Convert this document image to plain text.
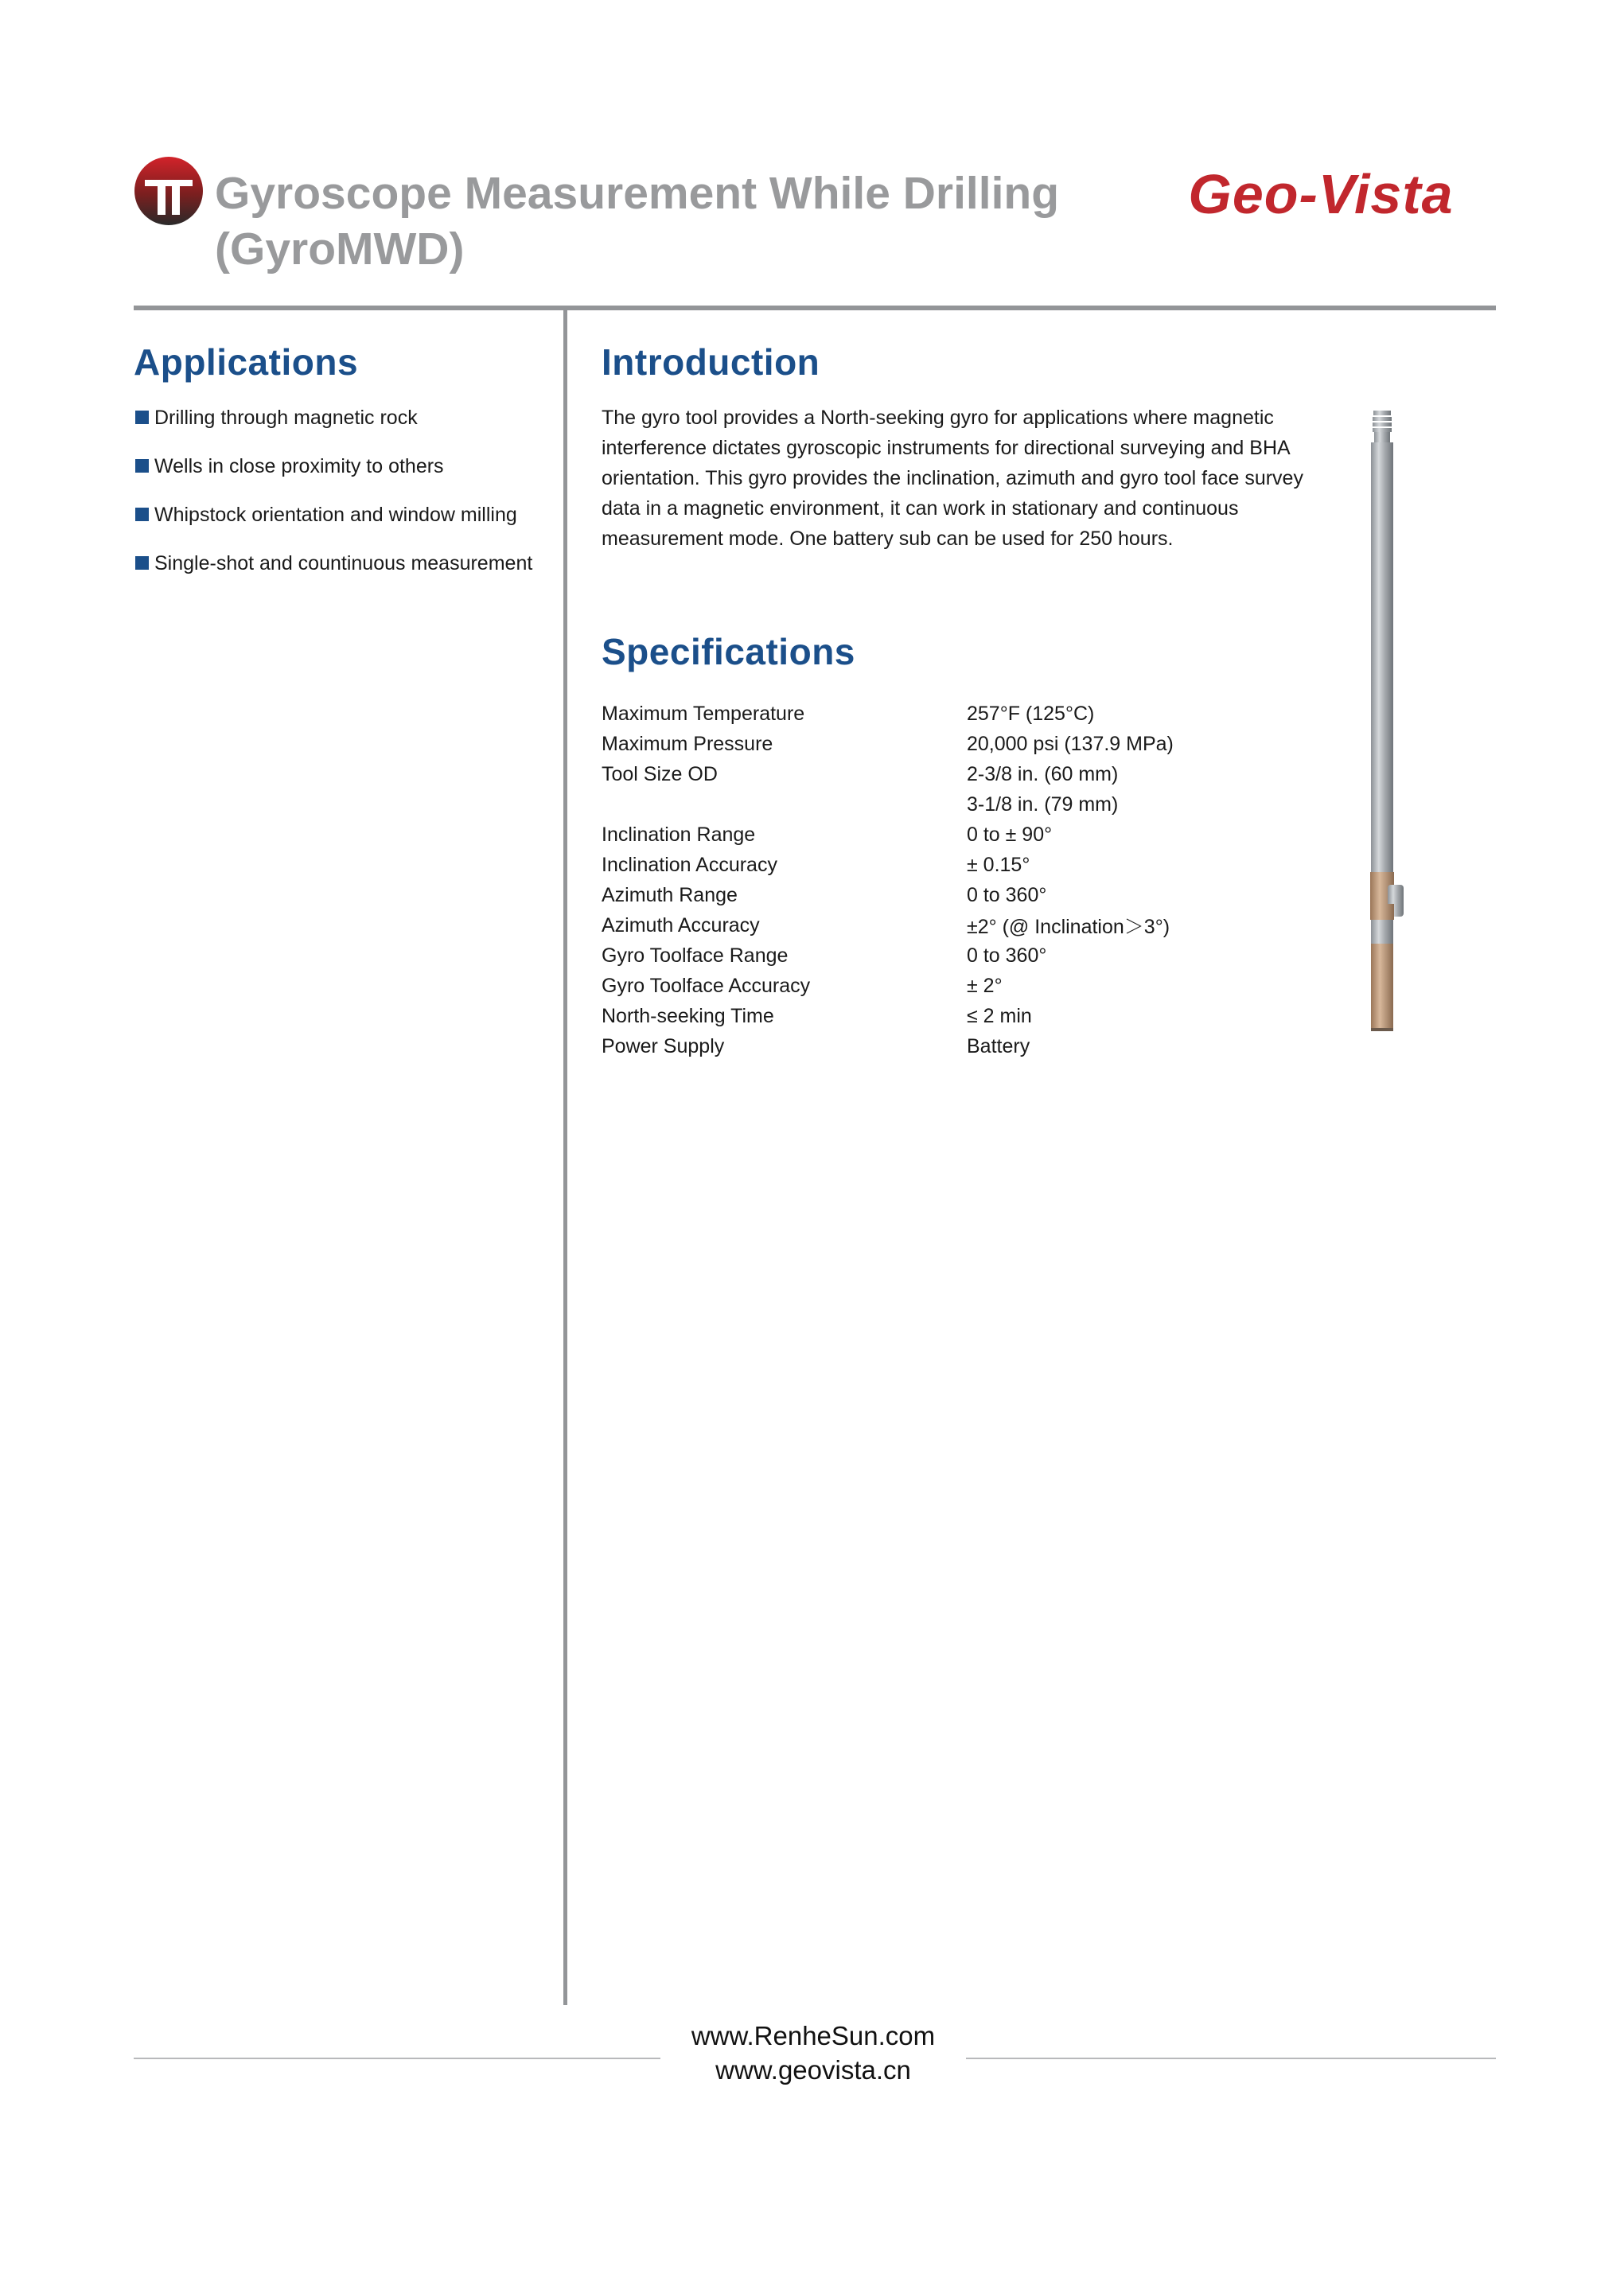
Gyroscope Measurement While Drilling
(GyroMWD)
Geo-Vista
Applications
Drilling through magnetic rock
Wells in close proximity to others
Whipstock orientation and window milling
Single-shot and countinuous measurement
Introduction
The gyro tool provides a North-seeking gyro for applications where magnetic
interference dictates gyroscopic instruments for directional surveying and BHA
orientation. This gyro provides the inclination, azimuth and gyro tool face survey
data in a magnetic environment, it can work in stationary and continuous
measurement mode. One battery sub can be used for 250 hours.
Specifications
Maximum Temperature	257°F (125°C)
Maximum Pressure	20,000 psi (137.9 MPa)
Tool Size OD	2-3/8 in. (60 mm)
	3-1/8 in. (79 mm)
Inclination Range	0 to ± 90°
Inclination Accuracy	± 0.15°
Azimuth Range	0 to 360°
Azimuth Accuracy	±2° (@ Inclination＞3°)
Gyro Toolface Range	0 to 360°
Gyro Toolface Accuracy	± 2°
North-seeking Time	≤ 2 min
Power Supply	Battery
www.RenheSun.com
www.geovista.cn
